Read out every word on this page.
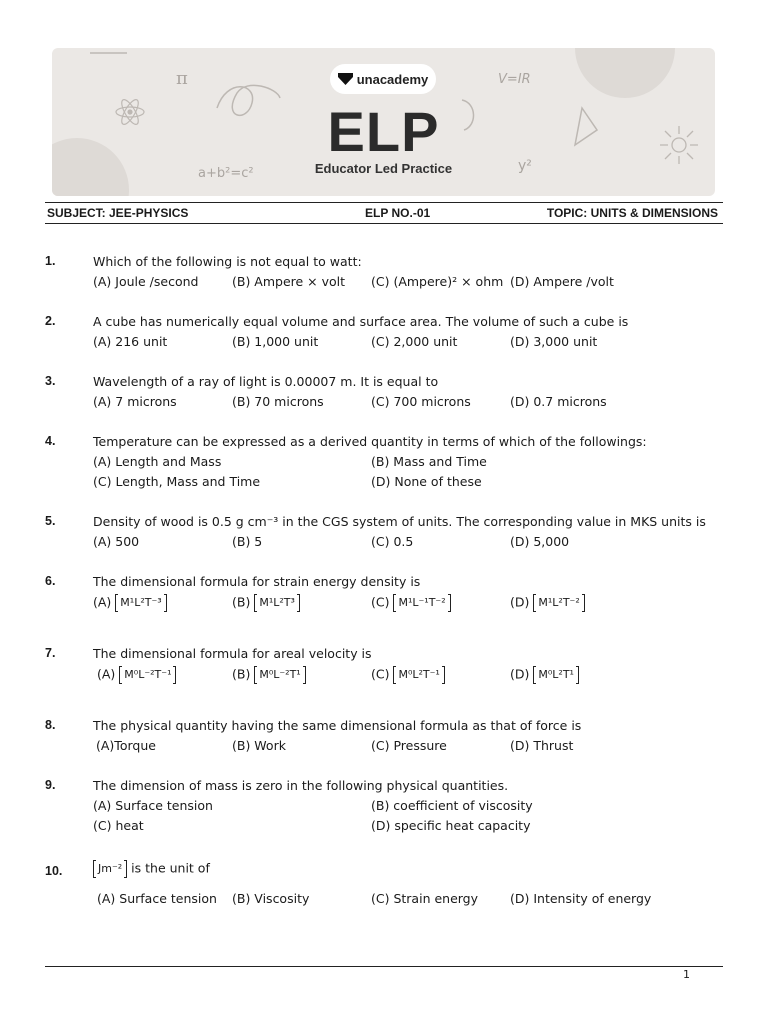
π	V=IR
a+b²=c²	y²
unacademy
ELP
Educator Led Practice
SUBJECT: JEE-PHYSICS	ELP NO.-01	TOPIC: UNITS & DIMENSIONS
1.	Which of the following is not equal to watt:
(A) Joule /second	(B) Ampere × volt (C) (Ampere)² × ohm (D) Ampere /volt
2.	A cube has numerically equal volume and surface area. The volume of such a cube is
(A) 216 unit	(B) 1,000 unit	(C) 2,000 unit	(D) 3,000 unit
3.	Wavelength of a ray of light is 0.00007 m. It is equal to
(A) 7 microns	(B) 70 microns	(C) 700 microns	(D) 0.7 microns
4.	Temperature can be expressed as a derived quantity in terms of which of the followings:
(A) Length and Mass	(B) Mass and Time
(C) Length, Mass and Time	(D) None of these
5.	Density of wood is 0.5 g cm⁻³ in the CGS system of units. The corresponding value in MKS units is
(A) 500	(B) 5	(C) 0.5	(D) 5,000
6.	The dimensional formula for strain energy density is
(A) M¹L²T⁻³	(B) M¹L²T³	(C) M¹L⁻¹T⁻²	(D) M¹L²T⁻²
7.	The dimensional formula for areal velocity is
(A) M⁰L⁻²T⁻¹	(B) M⁰L⁻²T¹	(C) M⁰L²T⁻¹	(D) M⁰L²T¹
8.	The physical quantity having the same dimensional formula as that of force is
(A)Torque	(B) Work	(C) Pressure	(D) Thrust
9.	The dimension of mass is zero in the following physical quantities.
(A) Surface tension	(B) coefficient of viscosity
(C) heat	(D) specific heat capacity
10.	Jm⁻² is the unit of
(A) Surface tension (B) Viscosity	(C) Strain energy	(D) Intensity of energy
1
